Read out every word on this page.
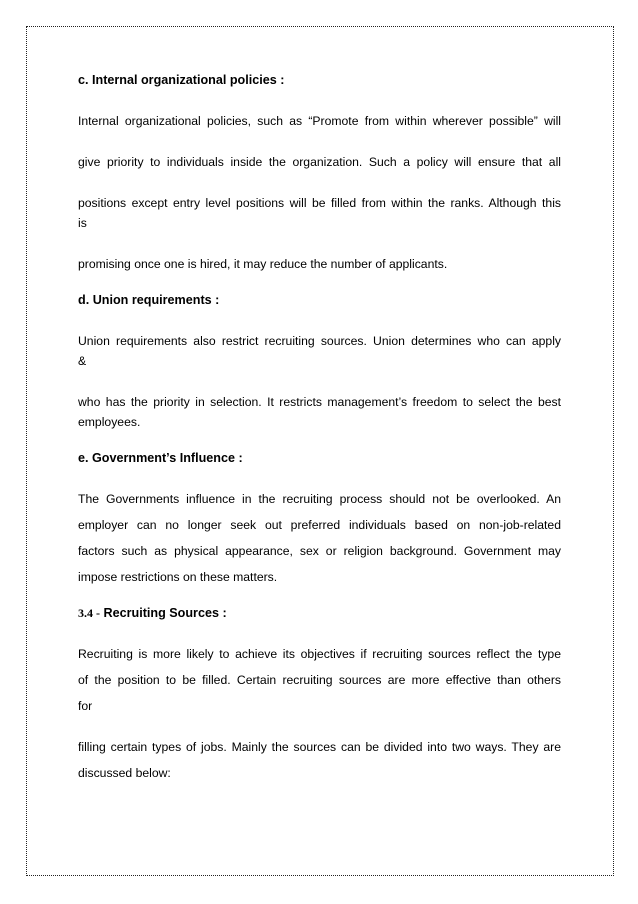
c. Internal organizational policies :

Internal organizational policies, such as “Promote from within wherever possible” will
give priority to individuals inside the organization. Such a policy will ensure that all
positions except entry level positions will be filled from within the ranks. Although this
is
promising once one is hired, it may reduce the number of applicants.

d. Union requirements :

Union requirements also restrict recruiting sources. Union determines who can apply
&
who has the priority in selection. It restricts management’s freedom to select the best
employees.

e. Government’s Influence :

The Governments influence in the recruiting process should not be overlooked. An
employer can no longer seek out preferred individuals based on non-job-related
factors such as physical appearance, sex or religion background. Government may
impose restrictions on these matters.

3.4 - Recruiting Sources :

Recruiting is more likely to achieve its objectives if recruiting sources reflect the type
of the position to be filled. Certain recruiting sources are more effective than others
for
filling certain types of jobs. Mainly the sources can be divided into two ways. They are
discussed below:
